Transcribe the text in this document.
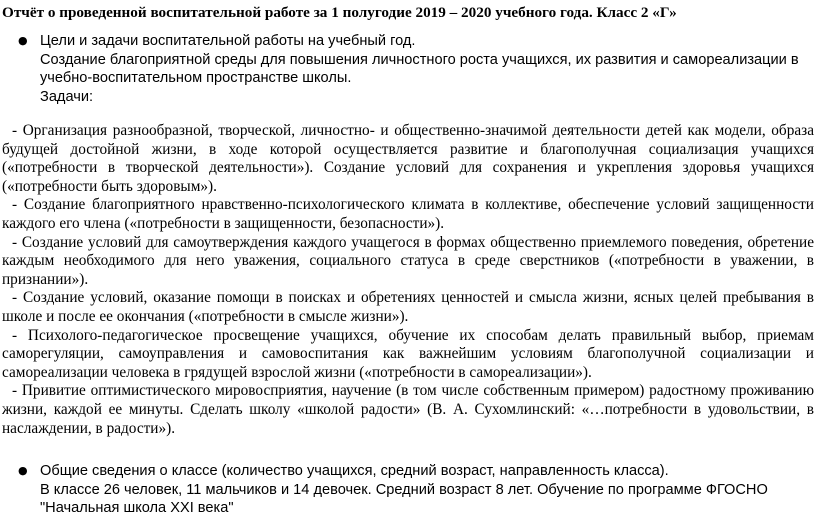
Отчёт о проведенной воспитательной работе за 1 полугодие 2019 – 2020 учебного года. Класс 2 «Г»
● Цели и задачи воспитательной работы на учебный год.
Создание благоприятной среды для повышения личностного роста учащихся, их развития и самореализации в
учебно-воспитательном пространстве школы.
Задачи:

- Организация разнообразной, творческой, личностно- и общественно-значимой деятельности детей как модели, образа будущей достойной жизни, в ходе которой осуществляется развитие и благополучная социализация учащихся («потребности в творческой деятельности»). Создание условий для сохранения и укрепления здоровья учащихся («потребности быть здоровым»).

- Создание благоприятного нравственно-психологического климата в коллективе, обеспечение условий защищенности каждого его члена («потребности в защищенности, безопасности»).

- Создание условий для самоутверждения каждого учащегося в формах общественно приемлемого поведения, обретение каждым необходимого для него уважения, социального статуса в среде сверстников («потребности в уважении, в признании»).

- Создание условий, оказание помощи в поисках и обретениях ценностей и смысла жизни, ясных целей пребывания в школе и после ее окончания («потребности в смысле жизни»).

- Психолого-педагогическое просвещение учащихся, обучение их способам делать правильный выбор, приемам саморегуляции, самоуправления и самовоспитания как важнейшим условиям благополучной социализации и самореализации человека в грядущей взрослой жизни («потребности в самореализации»).

- Привитие оптимистического мировосприятия, научение (в том числе собственным примером) радостному проживанию жизни, каждой ее минуты. Сделать школу «школой радости» (В. А. Сухомлинский: «…потребности в удовольствии, в наслаждении, в радости»).

● Общие сведения о классе (количество учащихся, средний возраст, направленность класса).
В классе 26 человек, 11 мальчиков и 14 девочек. Средний возраст 8 лет. Обучение по программе ФГОСНО
"Начальная школа XXI века"
